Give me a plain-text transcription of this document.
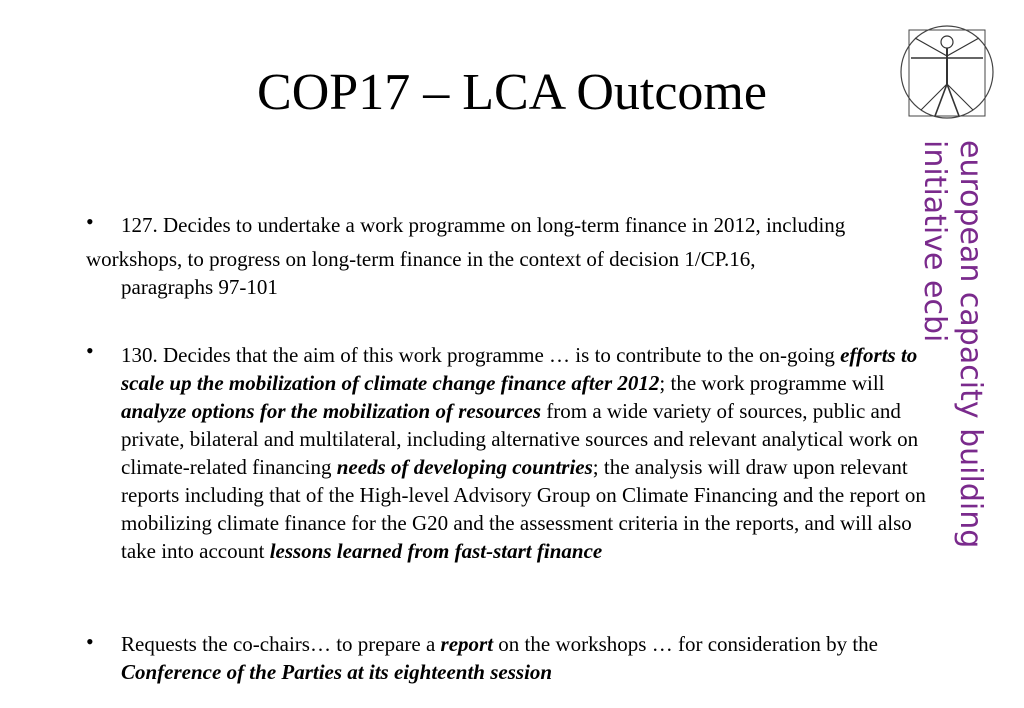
COP17 – LCA Outcome
european capacity building
initiative ecbi
• 127. Decides to undertake a work programme on long-term finance in 2012, including
workshops, to progress on long-term finance in the context of decision 1/CP.16,
paragraphs 97-101
• 130. Decides that the aim of this work programme … is to contribute to the on-going efforts to scale up the mobilization of climate change finance after 2012; the work programme will analyze options for the mobilization of resources from a wide variety of sources, public and private, bilateral and multilateral, including alternative sources and relevant analytical work on climate-related financing needs of developing countries; the analysis will draw upon relevant reports including that of the High-level Advisory Group on Climate Financing and the report on mobilizing climate finance for the G20 and the assessment criteria in the reports, and will also take into account lessons learned from fast-start finance
• Requests the co-chairs… to prepare a report on the workshops … for consideration by the Conference of the Parties at its eighteenth session
